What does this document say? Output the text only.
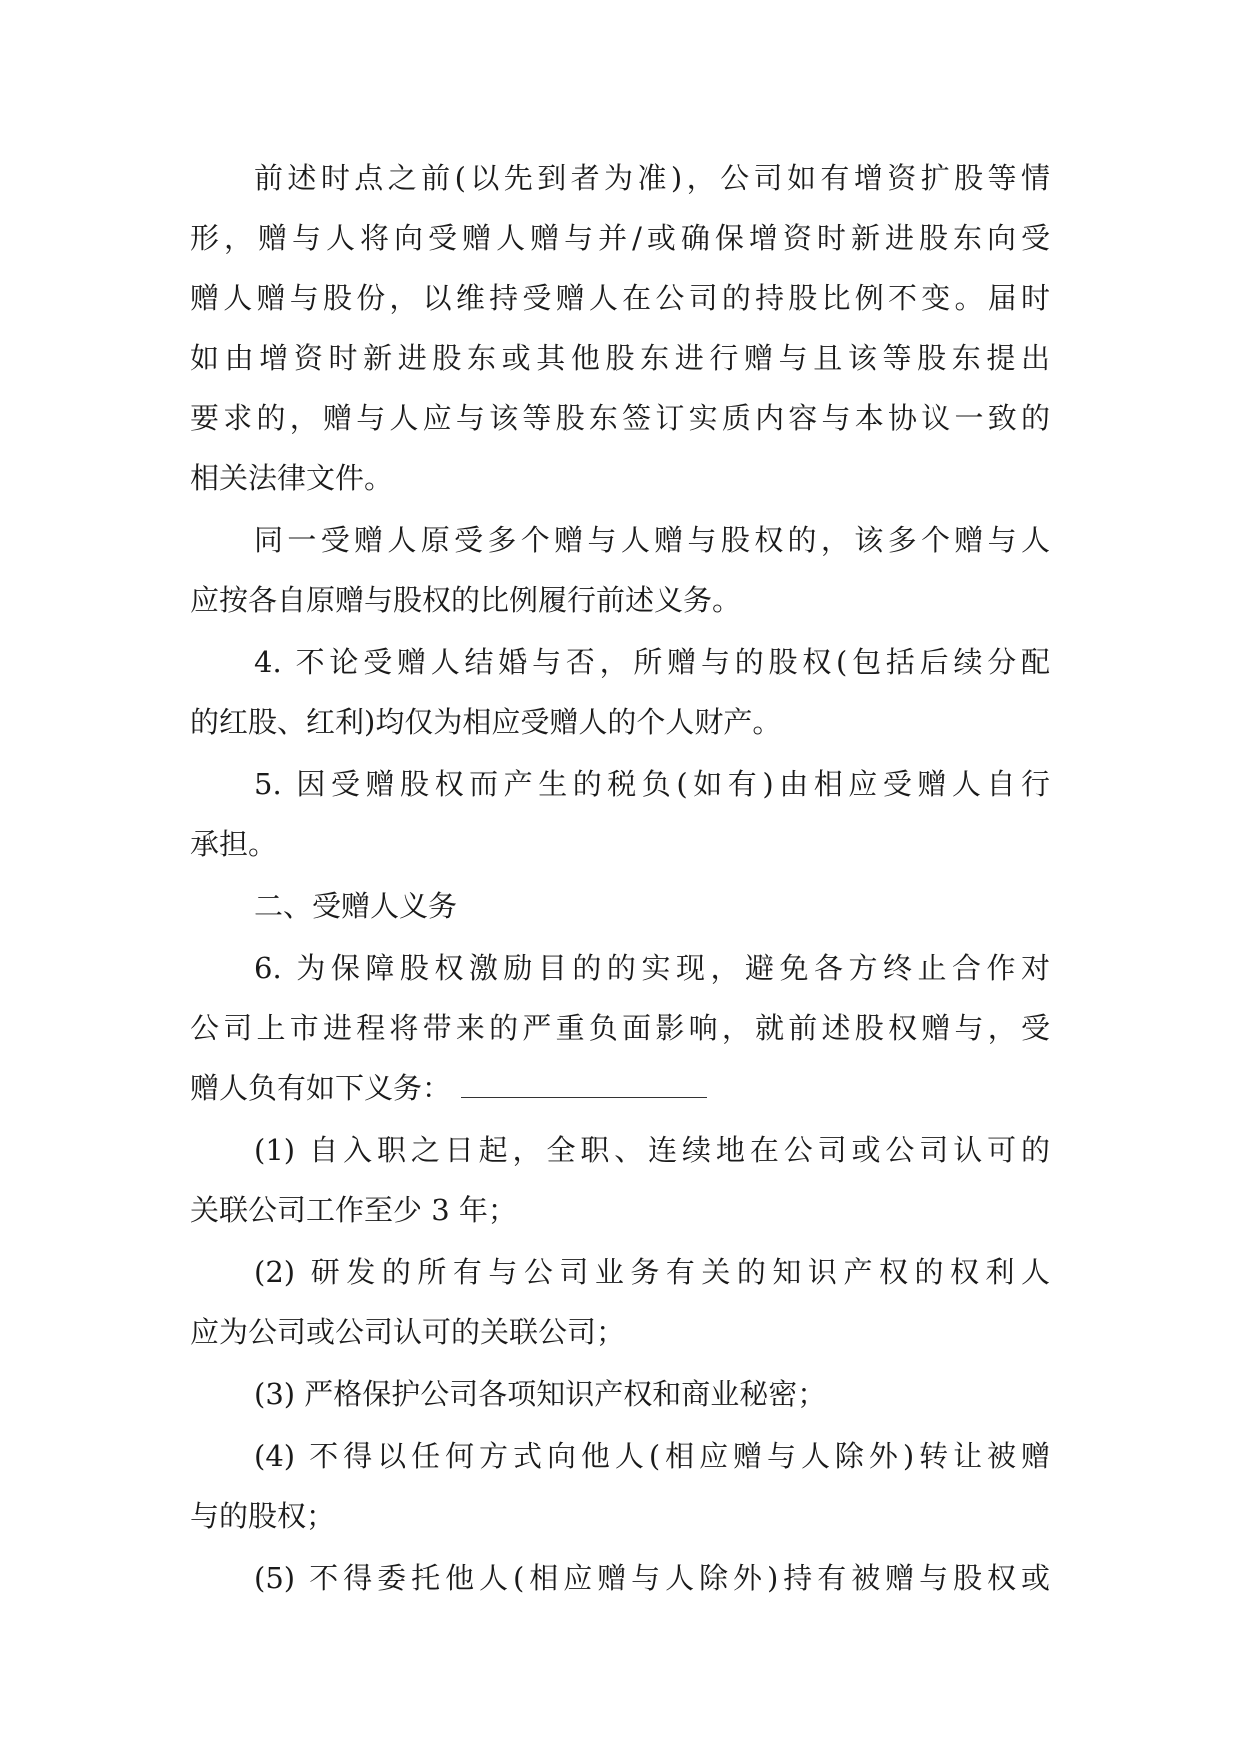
前述时点之前(以先到者为准)，公司如有增资扩股等情
形，赠与人将向受赠人赠与并/或确保增资时新进股东向受
赠人赠与股份，以维持受赠人在公司的持股比例不变。届时
如由增资时新进股东或其他股东进行赠与且该等股东提出
要求的，赠与人应与该等股东签订实质内容与本协议一致的
相关法律文件。
同一受赠人原受多个赠与人赠与股权的，该多个赠与人
应按各自原赠与股权的比例履行前述义务。
4. 不论受赠人结婚与否，所赠与的股权(包括后续分配
的红股、红利)均仅为相应受赠人的个人财产。
5. 因受赠股权而产生的税负(如有)由相应受赠人自行
承担。
二、受赠人义务
6. 为保障股权激励目的的实现，避免各方终止合作对
公司上市进程将带来的严重负面影响，就前述股权赠与，受
赠人负有如下义务：
(1) 自入职之日起，全职、连续地在公司或公司认可的
关联公司工作至少 3 年；
(2) 研发的所有与公司业务有关的知识产权的权利人
应为公司或公司认可的关联公司；
(3) 严格保护公司各项知识产权和商业秘密；
(4) 不得以任何方式向他人(相应赠与人除外)转让被赠
与的股权；
(5) 不得委托他人(相应赠与人除外)持有被赠与股权或
